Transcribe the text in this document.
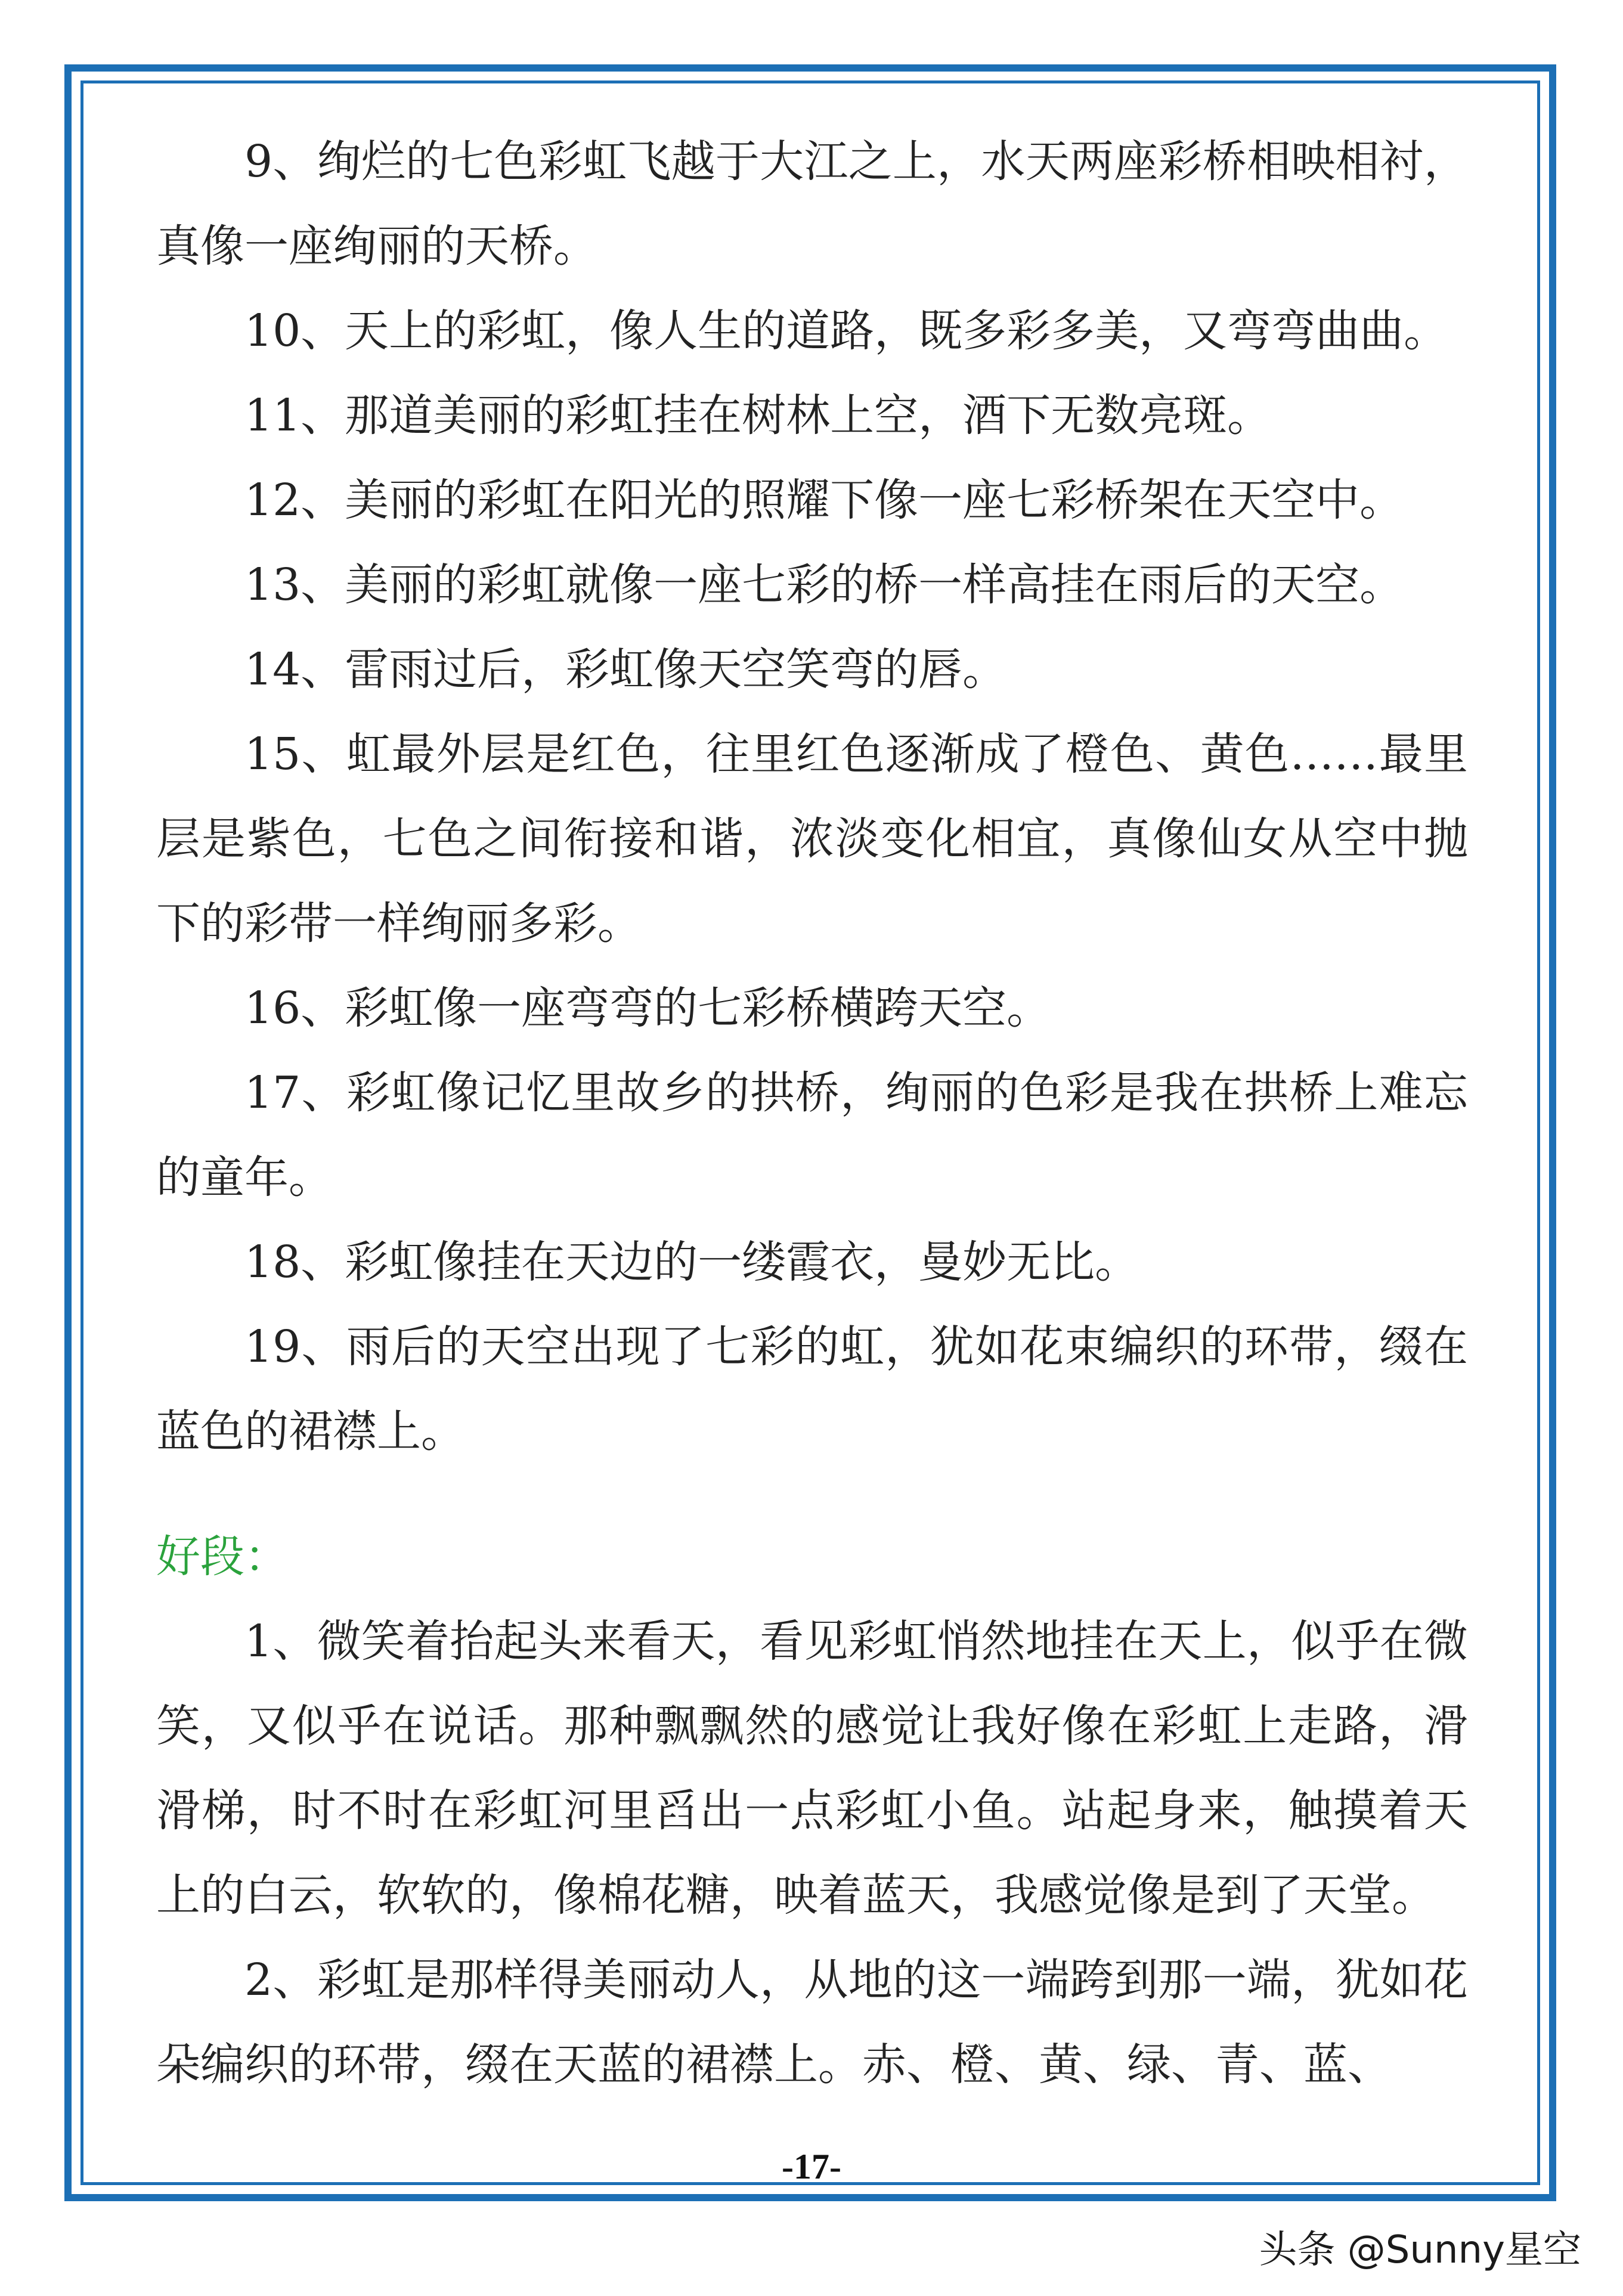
9、绚烂的七色彩虹飞越于大江之上，水天两座彩桥相映相衬，真像一座绚丽的天桥。

10、天上的彩虹，像人生的道路，既多彩多美，又弯弯曲曲。

11、那道美丽的彩虹挂在树林上空，酒下无数亮斑。

12、美丽的彩虹在阳光的照耀下像一座七彩桥架在天空中。

13、美丽的彩虹就像一座七彩的桥一样高挂在雨后的天空。

14、雷雨过后，彩虹像天空笑弯的唇。

15、虹最外层是红色，往里红色逐渐成了橙色、黄色……最里层是紫色，七色之间衔接和谐，浓淡变化相宜，真像仙女从空中抛下的彩带一样绚丽多彩。

16、彩虹像一座弯弯的七彩桥横跨天空。

17、彩虹像记忆里故乡的拱桥，绚丽的色彩是我在拱桥上难忘的童年。

18、彩虹像挂在天边的一缕霞衣，曼妙无比。

19、雨后的天空出现了七彩的虹，犹如花束编织的环带，缀在蓝色的裙襟上。

好段：

1、微笑着抬起头来看天，看见彩虹悄然地挂在天上，似乎在微笑，又似乎在说话。那种飘飘然的感觉让我好像在彩虹上走路，滑滑梯，时不时在彩虹河里舀出一点彩虹小鱼。站起身来，触摸着天上的白云，软软的，像棉花糖，映着蓝天，我感觉像是到了天堂。

2、彩虹是那样得美丽动人，从地的这一端跨到那一端，犹如花朵编织的环带，缀在天蓝的裙襟上。赤、橙、黄、绿、青、蓝、

-17-
头条 @Sunny星空
